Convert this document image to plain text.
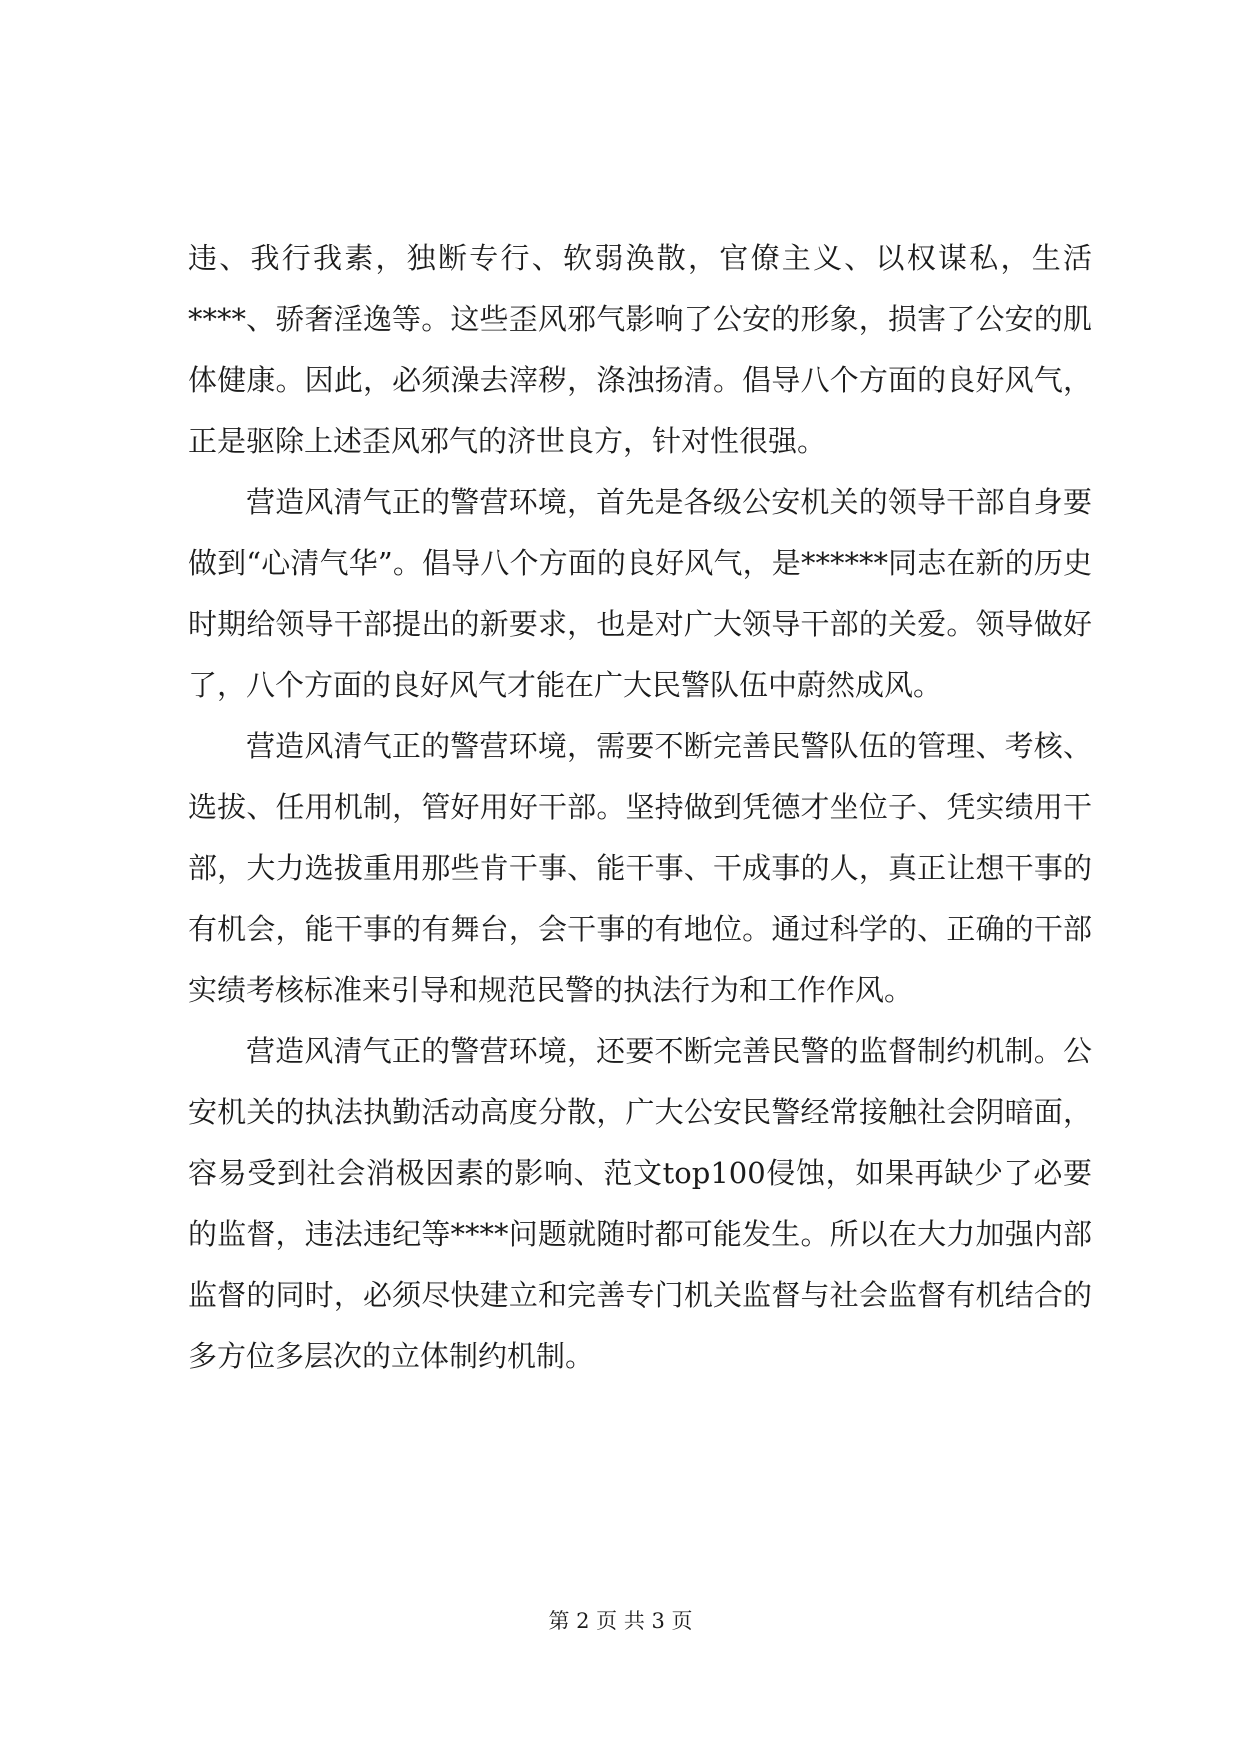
违、我行我素，独断专行、软弱涣散，官僚主义、以权谋私，生活****、骄奢淫逸等。这些歪风邪气影响了公安的形象，损害了公安的肌体健康。因此，必须澡去滓秽，涤浊扬清。倡导八个方面的良好风气，正是驱除上述歪风邪气的济世良方，针对性很强。

营造风清气正的警营环境，首先是各级公安机关的领导干部自身要做到“心清气华”。倡导八个方面的良好风气，是******同志在新的历史时期给领导干部提出的新要求，也是对广大领导干部的关爱。领导做好了，八个方面的良好风气才能在广大民警队伍中蔚然成风。

营造风清气正的警营环境，需要不断完善民警队伍的管理、考核、选拔、任用机制，管好用好干部。坚持做到凭德才坐位子、凭实绩用干部，大力选拔重用那些肯干事、能干事、干成事的人，真正让想干事的有机会，能干事的有舞台，会干事的有地位。通过科学的、正确的干部实绩考核标准来引导和规范民警的执法行为和工作作风。

营造风清气正的警营环境，还要不断完善民警的监督制约机制。公安机关的执法执勤活动高度分散，广大公安民警经常接触社会阴暗面，容易受到社会消极因素的影响、范文top100侵蚀，如果再缺少了必要的监督，违法违纪等****问题就随时都可能发生。所以在大力加强内部监督的同时，必须尽快建立和完善专门机关监督与社会监督有机结合的多方位多层次的立体制约机制。

第 2 页 共 3 页
